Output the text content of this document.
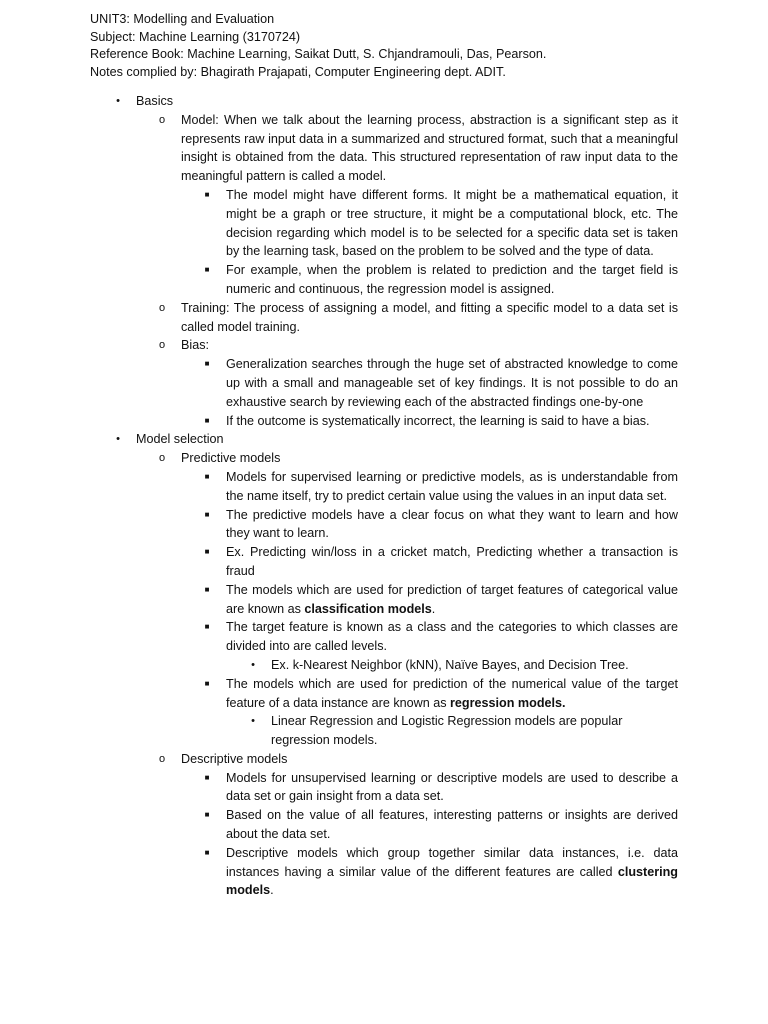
UNIT3: Modelling and Evaluation
Subject: Machine Learning (3170724)
Reference Book: Machine Learning, Saikat Dutt, S. Chjandramouli, Das, Pearson.
Notes complied by: Bhagirath Prajapati, Computer Engineering dept. ADIT.
•	Basics
o	Model: When we talk about the learning process, abstraction is a significant step as it represents raw input data in a summarized and structured format, such that a meaningful insight is obtained from the data. This structured representation of raw input data to the meaningful pattern is called a model.
■	The model might have different forms. It might be a mathematical equation, it might be a graph or tree structure, it might be a computational block, etc. The decision regarding which model is to be selected for a specific data set is taken by the learning task, based on the problem to be solved and the type of data.
■	For example, when the problem is related to prediction and the target field is numeric and continuous, the regression model is assigned.
o	Training: The process of assigning a model, and fitting a specific model to a data set is called model training.
o	Bias:
■	Generalization searches through the huge set of abstracted knowledge to come up with a small and manageable set of key findings. It is not possible to do an exhaustive search by reviewing each of the abstracted findings one-by-one
■	If the outcome is systematically incorrect, the learning is said to have a bias.
•	Model selection
o	Predictive models
■	Models for supervised learning or predictive models, as is understandable from the name itself, try to predict certain value using the values in an input data set.
■	The predictive models have a clear focus on what they want to learn and how they want to learn.
■	Ex. Predicting win/loss in a cricket match, Predicting whether a transaction is fraud
■	The models which are used for prediction of target features of categorical value are known as classification models.
■	The target feature is known as a class and the categories to which classes are divided into are called levels.
•	Ex. k-Nearest Neighbor (kNN), Naïve Bayes, and Decision Tree.
■	The models which are used for prediction of the numerical value of the target feature of a data instance are known as regression models.
•	Linear Regression and Logistic Regression models are popular regression models.
o	Descriptive models
■	Models for unsupervised learning or descriptive models are used to describe a data set or gain insight from a data set.
■	Based on the value of all features, interesting patterns or insights are derived about the data set.
■	Descriptive models which group together similar data instances, i.e. data instances having a similar value of the different features are called clustering models.
